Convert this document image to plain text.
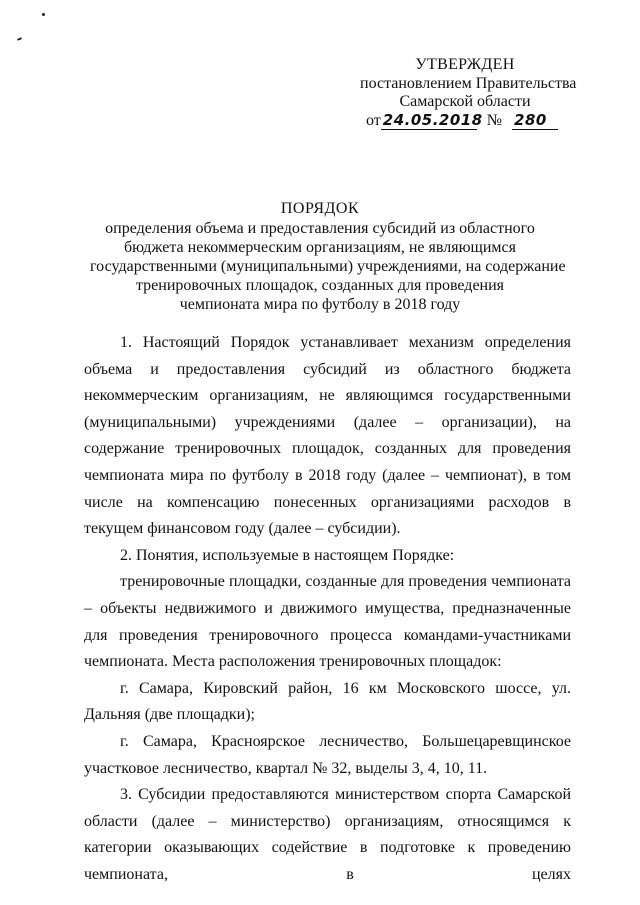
УТВЕРЖДЕН
постановлением Правительства
Самарской области
от 24.05.2018 № 280
ПОРЯДОК
определения объема и предоставления субсидий из областного
бюджета некоммерческим организациям, не являющимся
государственными (муниципальными) учреждениями, на содержание
тренировочных площадок, созданных для проведения
чемпионата мира по футболу в 2018 году

1. Настоящий Порядок устанавливает механизм определения объема и предоставления субсидий из областного бюджета некоммерческим организациям, не являющимся государственными (муниципальными) учреждениями (далее – организации), на содержание тренировочных площадок, созданных для проведения чемпионата мира по футболу в 2018 году (далее – чемпионат), в том числе на компенсацию понесенных организациями расходов в текущем финансовом году (далее – субсидии).

2. Понятия, используемые в настоящем Порядке:

тренировочные площадки, созданные для проведения чемпионата – объекты недвижимого и движимого имущества, предназначенные для проведения тренировочного процесса командами-участниками чемпионата. Места расположения тренировочных площадок:

г. Самара, Кировский район, 16 км Московского шоссе, ул. Дальняя (две площадки);

г. Самара, Красноярское лесничество, Большецаревщинское участковое лесничество, квартал № 32, выделы 3, 4, 10, 11.

3. Субсидии предоставляются министерством спорта Самарской области (далее – министерство) организациям, относящимся к категории оказывающих содействие в подготовке к проведению чемпионата, в целях
